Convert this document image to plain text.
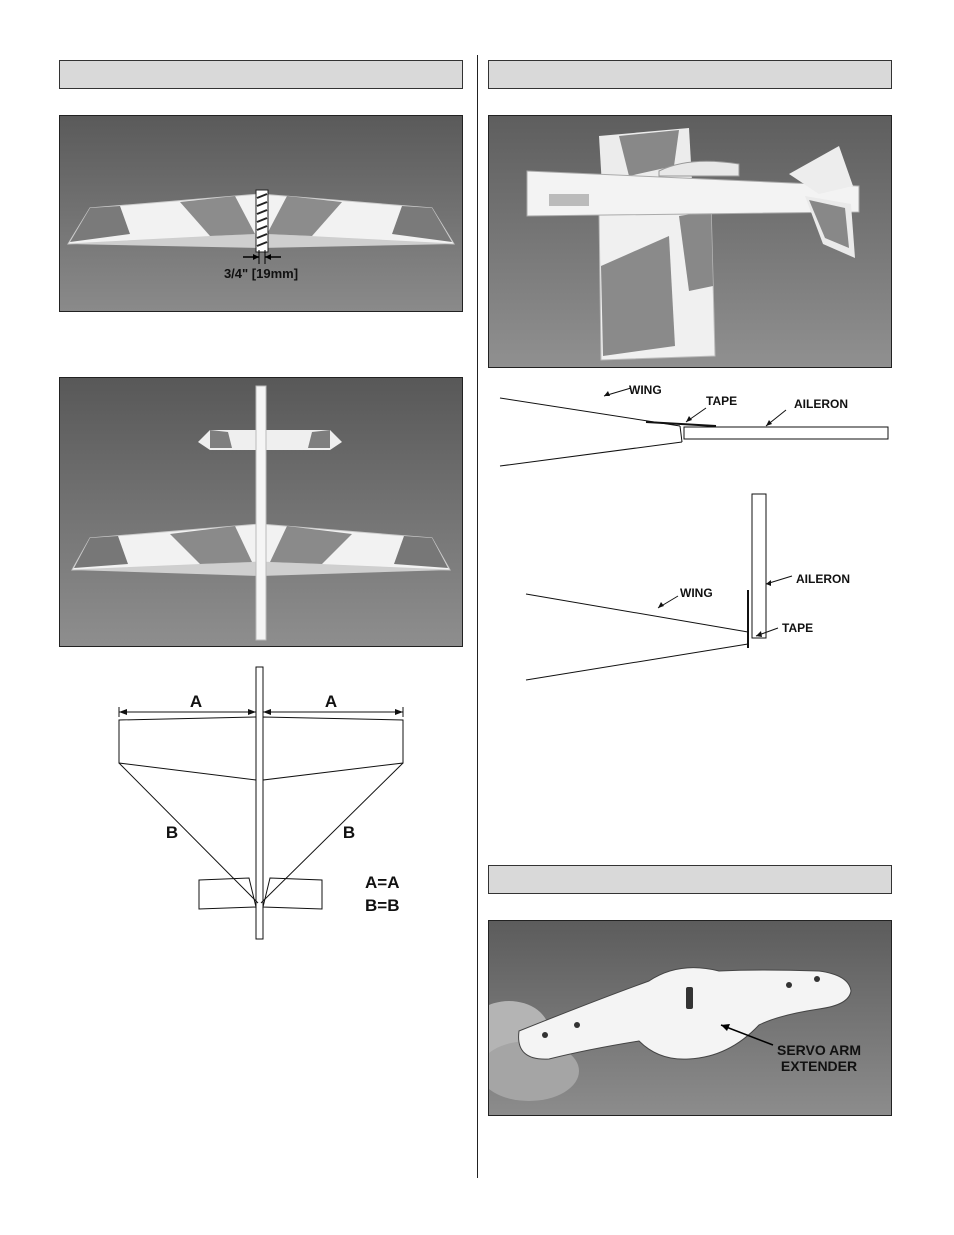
3/4" [19mm]
A	A
B	B
A=A
B=B
WING
TAPE	AILERON
WING
AILERON
TAPE
SERVO ARM
EXTENDER
